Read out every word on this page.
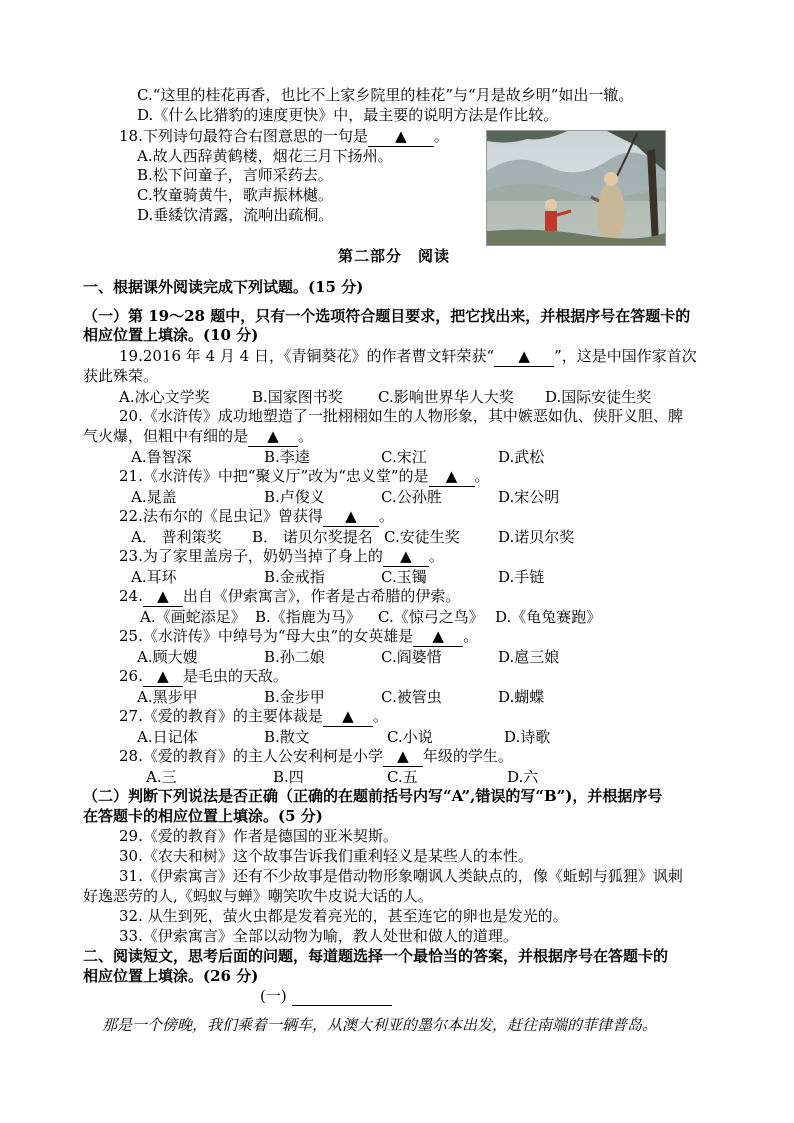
C.“这里的桂花再香，也比不上家乡院里的桂花”与“月是故乡明”如出一辙。
D.《什么比猎豹的速度更快》中，最主要的说明方法是作比较。
18.下列诗句最符合右图意思的一句是 ▲ 。
A.故人西辞黄鹤楼，烟花三月下扬州。
B.松下问童子，言师采药去。
C.牧童骑黄牛，歌声振林樾。
D.垂緌饮清露，流响出疏桐。
第二部分　阅读
一、根据课外阅读完成下列试题。(15 分)
（一）第 19～28 题中，只有一个选项符合题目要求，把它找出来，并根据序号在答题卡的
相应位置上填涂。(10 分)
19.2016 年 4 月 4 日，《青铜葵花》的作者曹文轩荣获“ ▲ ”，这是中国作家首次
获此殊荣。
A.冰心文学奖	B.国家图书奖 C.影响世界华人大奖 D.国际安徒生奖
20.《水浒传》成功地塑造了一批栩栩如生的人物形象，其中嫉恶如仇、侠肝义胆、脾
气火爆，但粗中有细的是 ▲ 。
A.鲁智深	B.李逵	C.宋江	D.武松
21.《水浒传》中把“聚义厅”改为“忠义堂”的是 ▲ 。
A.晁盖	B.卢俊义	C.公孙胜	D.宋公明
22.法布尔的《昆虫记》曾获得 ▲ 。
A． 普利策奖 B． 诺贝尔奖提名 C.安徒生奖	D.诺贝尔奖
23.为了家里盖房子，奶奶当掉了身上的 ▲ 。
A.耳环	B.金戒指	C.玉镯	D.手链
24. ▲ 出自《伊索寓言》，作者是古希腊的伊索。
A.《画蛇添足》 B.《指鹿为马》 C.《惊弓之鸟》 D.《龟兔赛跑》
25.《水浒传》中绰号为“母大虫”的女英雄是 ▲ 。
A.顾大嫂	B.孙二娘	C.阎婆惜	D.扈三娘
26. ▲ 是毛虫的天敌。
A.黑步甲	B.金步甲	C.被管虫	D.蝴蝶
27.《爱的教育》的主要体裁是 ▲ 。
A.日记体	B.散文	C.小说	D.诗歌
28.《爱的教育》的主人公安利柯是小学 ▲ 年级的学生。
A.三	B.四	C.五	D.六
（二）判断下列说法是否正确（正确的在题前括号内写“A”,错误的写“B”)，并根据序号
在答题卡的相应位置上填涂。(5 分)
29.《爱的教育》作者是德国的亚米契斯。
30.《农夫和树》这个故事告诉我们重利轻义是某些人的本性。
31.《伊索寓言》还有不少故事是借动物形象嘲讽人类缺点的，像《蚯蚓与狐狸》讽刺
好逸恶劳的人,《蚂蚁与蝉》嘲笑吹牛皮说大话的人。
32. 从生到死，萤火虫都是发着亮光的，甚至连它的卵也是发光的。
33.《伊索寓言》全部以动物为喻，教人处世和做人的道理。
二、阅读短文，思考后面的问题，每道题选择一个最恰当的答案，并根据序号在答题卡的
相应位置上填涂。(26 分)
(一)
那是一个傍晚，我们乘着一辆车，从澳大利亚的墨尔本出发，赶往南端的菲律普岛。
